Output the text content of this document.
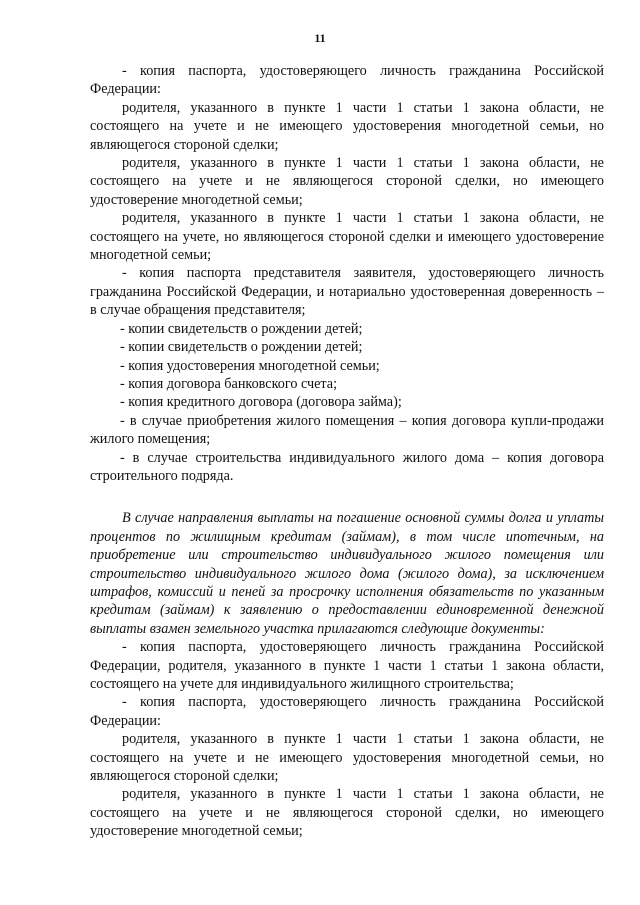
11

- копия паспорта, удостоверяющего личность гражданина Российской Федерации:

родителя, указанного в пункте 1 части 1 статьи 1 закона области, не состоящего на учете и не имеющего удостоверения многодетной семьи, но являющегося стороной сделки;

родителя, указанного в пункте 1 части 1 статьи 1 закона области, не состоящего на учете и не являющегося стороной сделки, но имеющего удостоверение многодетной семьи;

родителя, указанного в пункте 1 части 1 статьи 1 закона области, не состоящего на учете, но являющегося стороной сделки и имеющего удостоверение многодетной семьи;

- копия паспорта представителя заявителя, удостоверяющего личность гражданина Российской Федерации, и нотариально удостоверенная доверенность – в случае обращения представителя;

- копии свидетельств о рождении детей;

- копии свидетельств о рождении детей;

- копия удостоверения многодетной семьи;

- копия договора банковского счета;

- копия кредитного договора (договора займа);

- в случае приобретения жилого помещения – копия договора купли-продажи жилого помещения;

- в случае строительства индивидуального жилого дома – копия договора строительного подряда.

В случае направления выплаты на погашение основной суммы долга и уплаты процентов по жилищным кредитам (займам), в том числе ипотечным, на приобретение или строительство индивидуального жилого помещения или строительство индивидуального жилого дома (жилого дома), за исключением штрафов, комиссий и пеней за просрочку исполнения обязательств по указанным кредитам (займам) к заявлению о предоставлении единовременной денежной выплаты взамен земельного участка прилагаются следующие документы:

- копия паспорта, удостоверяющего личность гражданина Российской Федерации, родителя, указанного в пункте 1 части 1 статьи 1 закона области, состоящего на учете для индивидуального жилищного строительства;

- копия паспорта, удостоверяющего личность гражданина Российской Федерации:

родителя, указанного в пункте 1 части 1 статьи 1 закона области, не состоящего на учете и не имеющего удостоверения многодетной семьи, но являющегося стороной сделки;

родителя, указанного в пункте 1 части 1 статьи 1 закона области, не состоящего на учете и не являющегося стороной сделки, но имеющего удостоверение многодетной семьи;
